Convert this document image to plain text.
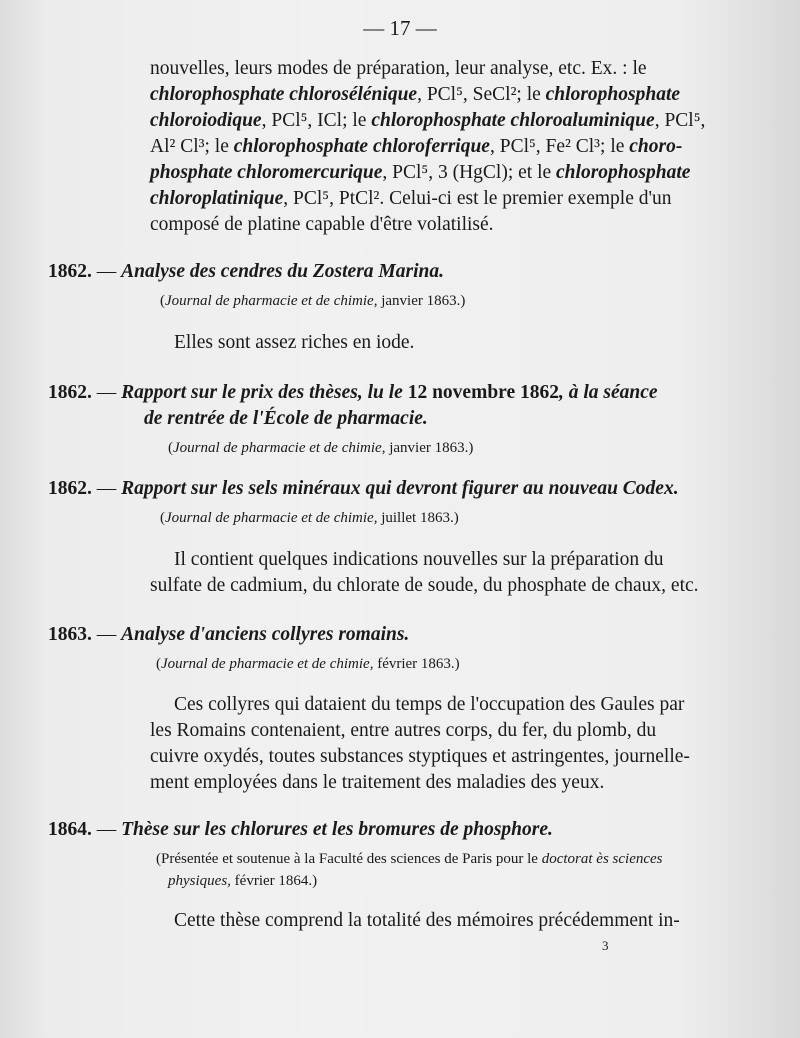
— 17 —
nouvelles, leurs modes de préparation, leur analyse, etc. Ex. : le
chlorophosphate chlorosélénique, PCl⁵, SeCl²; le chlorophosphate
chloroiodique, PCl⁵, ICl; le chlorophosphate chloroaluminique, PCl⁵,
Al² Cl³; le chlorophosphate chloroferrique, PCl⁵, Fe² Cl³; le choro-
phosphate chloromercurique, PCl⁵, 3 (HgCl); et le chlorophosphate
chloroplatinique, PCl⁵, PtCl². Celui-ci est le premier exemple d'un
composé de platine capable d'être volatilisé.
1862. — Analyse des cendres du Zostera Marina.
(Journal de pharmacie et de chimie, janvier 1863.)
Elles sont assez riches en iode.
1862. — Rapport sur le prix des thèses, lu le 12 novembre 1862, à la séance
de rentrée de l'École de pharmacie.
(Journal de pharmacie et de chimie, janvier 1863.)
1862. — Rapport sur les sels minéraux qui devront figurer au nouveau Codex.
(Journal de pharmacie et de chimie, juillet 1863.)
Il contient quelques indications nouvelles sur la préparation du
sulfate de cadmium, du chlorate de soude, du phosphate de chaux, etc.
1863. — Analyse d'anciens collyres romains.
(Journal de pharmacie et de chimie, février 1863.)
Ces collyres qui dataient du temps de l'occupation des Gaules par
les Romains contenaient, entre autres corps, du fer, du plomb, du
cuivre oxydés, toutes substances styptiques et astringentes, journelle-
ment employées dans le traitement des maladies des yeux.
1864. — Thèse sur les chlorures et les bromures de phosphore.
(Présentée et soutenue à la Faculté des sciences de Paris pour le doctorat ès sciences
physiques, février 1864.)
Cette thèse comprend la totalité des mémoires précédemment in-
3
